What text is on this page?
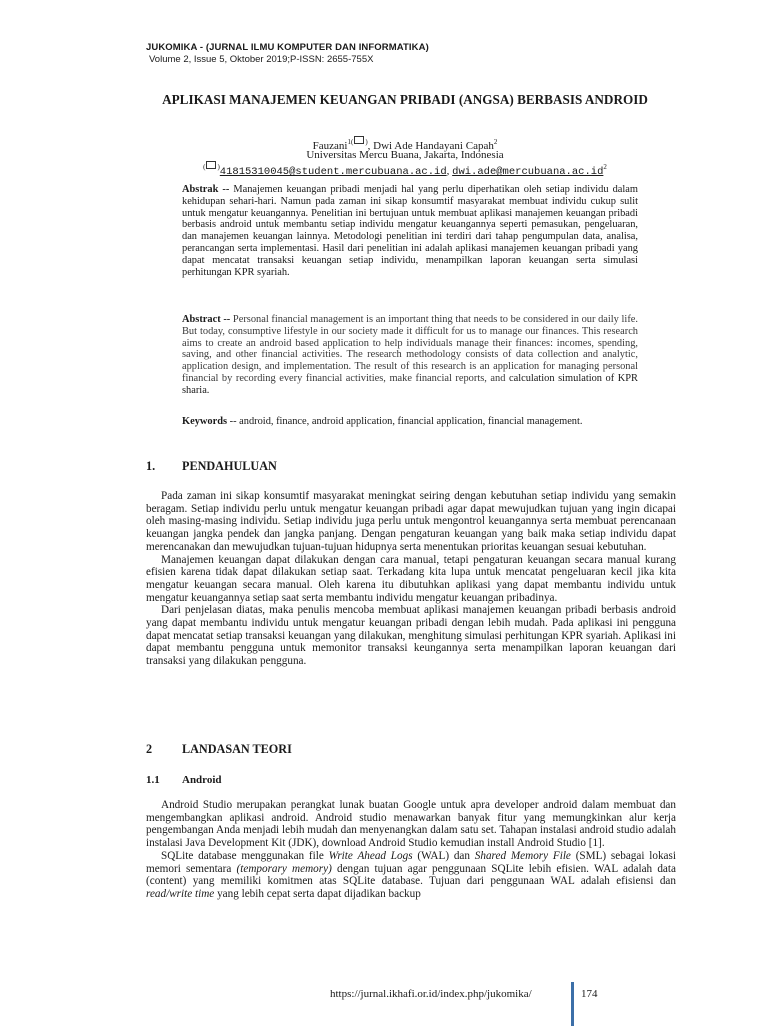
JUKOMIKA - (JURNAL ILMU KOMPUTER DAN INFORMATIKA)
Volume 2, Issue 5, Oktober 2019;P-ISSN: 2655-755X
APLIKASI MANAJEMEN KEUANGAN PRIBADI (ANGSA) BERBASIS ANDROID
Fauzani$^{1(}$ ), Dwi Ade Handayani Capah$^2$
Universitas Mercu Buana, Jakarta, Indonesia
( )41815310045@student.mercubuana.ac.id, $dwi.ade@mercubuana.ac.id^2$
Abstrak -- Manajemen keuangan pribadi menjadi hal yang perlu diperhatikan oleh setiap individu dalam kehidupan sehari-hari. Namun pada zaman ini sikap konsumtif masyarakat membuat individu cukup sulit untuk mengatur keuangannya. Penelitian ini bertujuan untuk membuat aplikasi manajemen keuangan pribadi berbasis android untuk membantu setiap individu mengatur keuangannya seperti pemasukan, pengeluaran, dan manajemen keuangan lainnya. Metodologi penelitian ini terdiri dari tahap pengumpulan data, analisa, perancangan serta implementasi. Hasil dari penelitian ini adalah aplikasi manajemen keuangan pribadi yang dapat mencatat transaksi keuangan setiap individu, menampilkan laporan keuangan serta simulasi perhitungan KPR syariah.
Abstract -- Personal financial management is an important thing that needs to be considered in our daily life. But today, consumptive lifestyle in our society made it difficult for us to manage our finances. This research aims to create an android based application to help individuals manage their finances: incomes, spending, saving, and other financial activities. The research methodology consists of data collection and analytic, application design, and implementation. The result of this research is an application for managing personal financial by recording every financial activities, make financial reports, and calculation simulation of KPR sharia.
Keywords -- android, finance, android application, financial application, financial management.
1. PENDAHULUAN

Pada zaman ini sikap konsumtif masyarakat meningkat seiring dengan kebutuhan setiap individu yang semakin beragam. Setiap individu perlu untuk mengatur keuangan pribadi agar dapat mewujudkan tujuan yang ingin dicapai oleh masing-masing individu. Setiap individu juga perlu untuk mengontrol keuangannya serta membuat perencanaan keuangan jangka pendek dan jangka panjang. Dengan pengaturan keuangan yang baik maka setiap individu dapat merencanakan dan mewujudkan tujuan-tujuan hidupnya serta menentukan prioritas keuangan sesuai kebutuhan.

Manajemen keuangan dapat dilakukan dengan cara manual, tetapi pengaturan keuangan secara manual kurang efisien karena tidak dapat dilakukan setiap saat. Terkadang kita lupa untuk mencatat pengeluaran kecil jika kita mengatur keuangan secara manual. Oleh karena itu dibutuhkan aplikasi yang dapat membantu individu untuk mengatur keuangannya setiap saat serta membantu individu mengatur keuangan pribadinya.

Dari penjelasan diatas, maka penulis mencoba membuat aplikasi manajemen keuangan pribadi berbasis android yang dapat membantu individu untuk mengatur keuangan pribadi dengan lebih mudah. Pada aplikasi ini pengguna dapat mencatat setiap transaksi keuangan yang dilakukan, menghitung simulasi perhitungan KPR syariah. Aplikasi ini dapat membantu pengguna untuk memonitor transaksi keungannya serta menampilkan laporan keuangan dari transaksi yang dilakukan pengguna.

2 LANDASAN TEORI
1.1 Android

Android Studio merupakan perangkat lunak buatan Google untuk apra developer android dalam membuat dan mengembangkan aplikasi android. Android studio menawarkan banyak fitur yang memungkinkan alur kerja pengembangan Anda menjadi lebih mudah dan menyenangkan dalam satu set. Tahapan instalasi android studio adalah instalasi Java Development Kit (JDK), download Android Studio kemudian install Android Studio [1].

SQLite database menggunakan file Write Ahead Logs (WAL) dan Shared Memory File (SML) sebagai lokasi memori sementara (temporary memory) dengan tujuan agar penggunaan SQLite lebih efisien. WAL adalah data (content) yang memiliki komitmen atas SQLite database. Tujuan dari penggunaan WAL adalah efisiensi dan read/write time yang lebih cepat serta dapat dijadikan backup

https://jurnal.ikhafi.or.id/index.php/jukomika/	174
